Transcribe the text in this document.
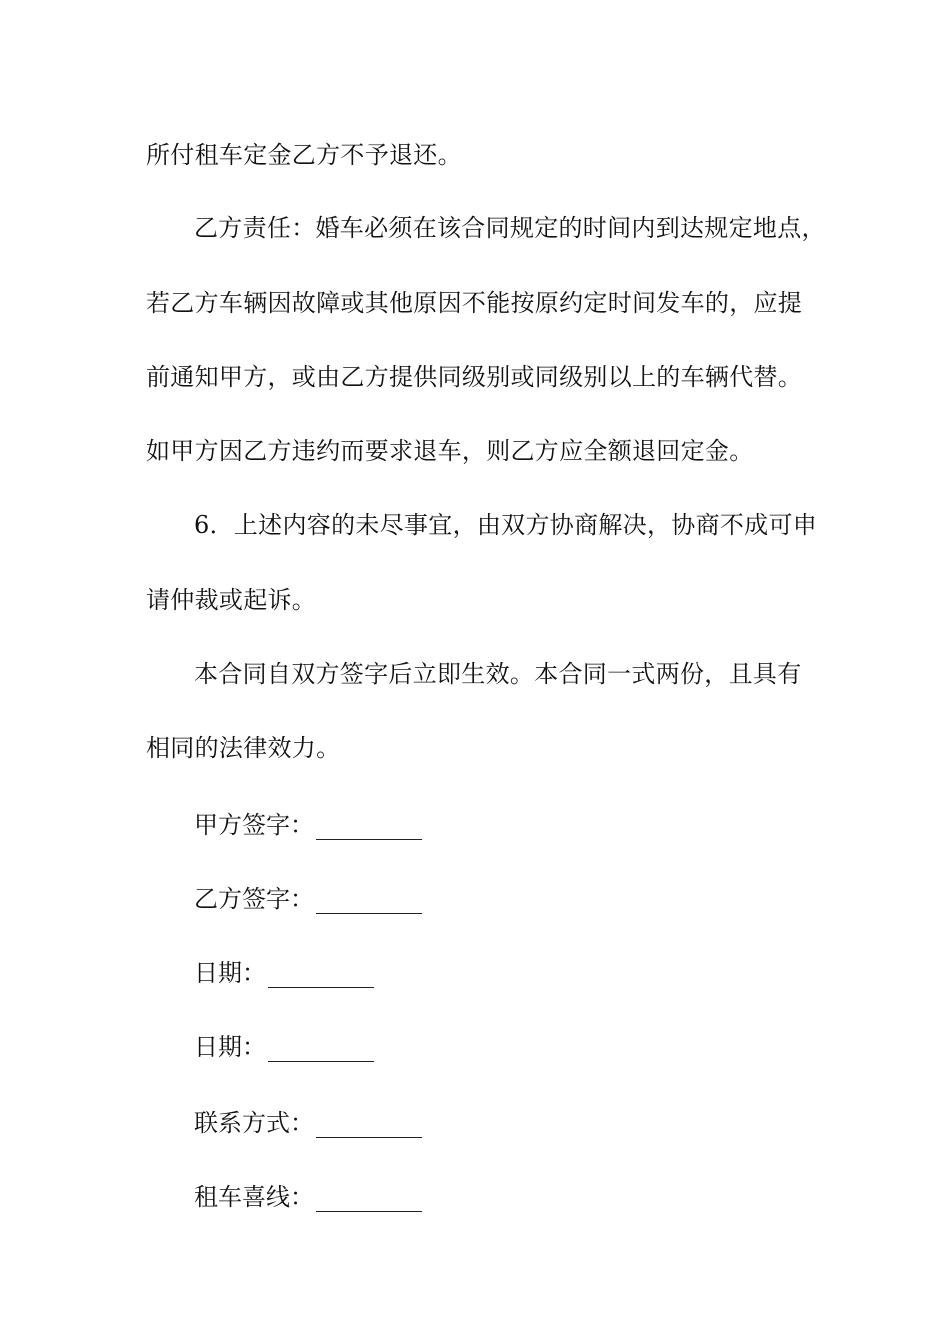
所付租车定金乙方不予退还。
乙方责任：婚车必须在该合同规定的时间内到达规定地点，
若乙方车辆因故障或其他原因不能按原约定时间发车的，应提
前通知甲方，或由乙方提供同级别或同级别以上的车辆代替。
如甲方因乙方违约而要求退车，则乙方应全额退回定金。
6．上述内容的未尽事宜，由双方协商解决，协商不成可申
请仲裁或起诉。
本合同自双方签字后立即生效。本合同一式两份，且具有
相同的法律效力。
甲方签字：
乙方签字：
日期：
日期：
联系方式：
租车喜线：
